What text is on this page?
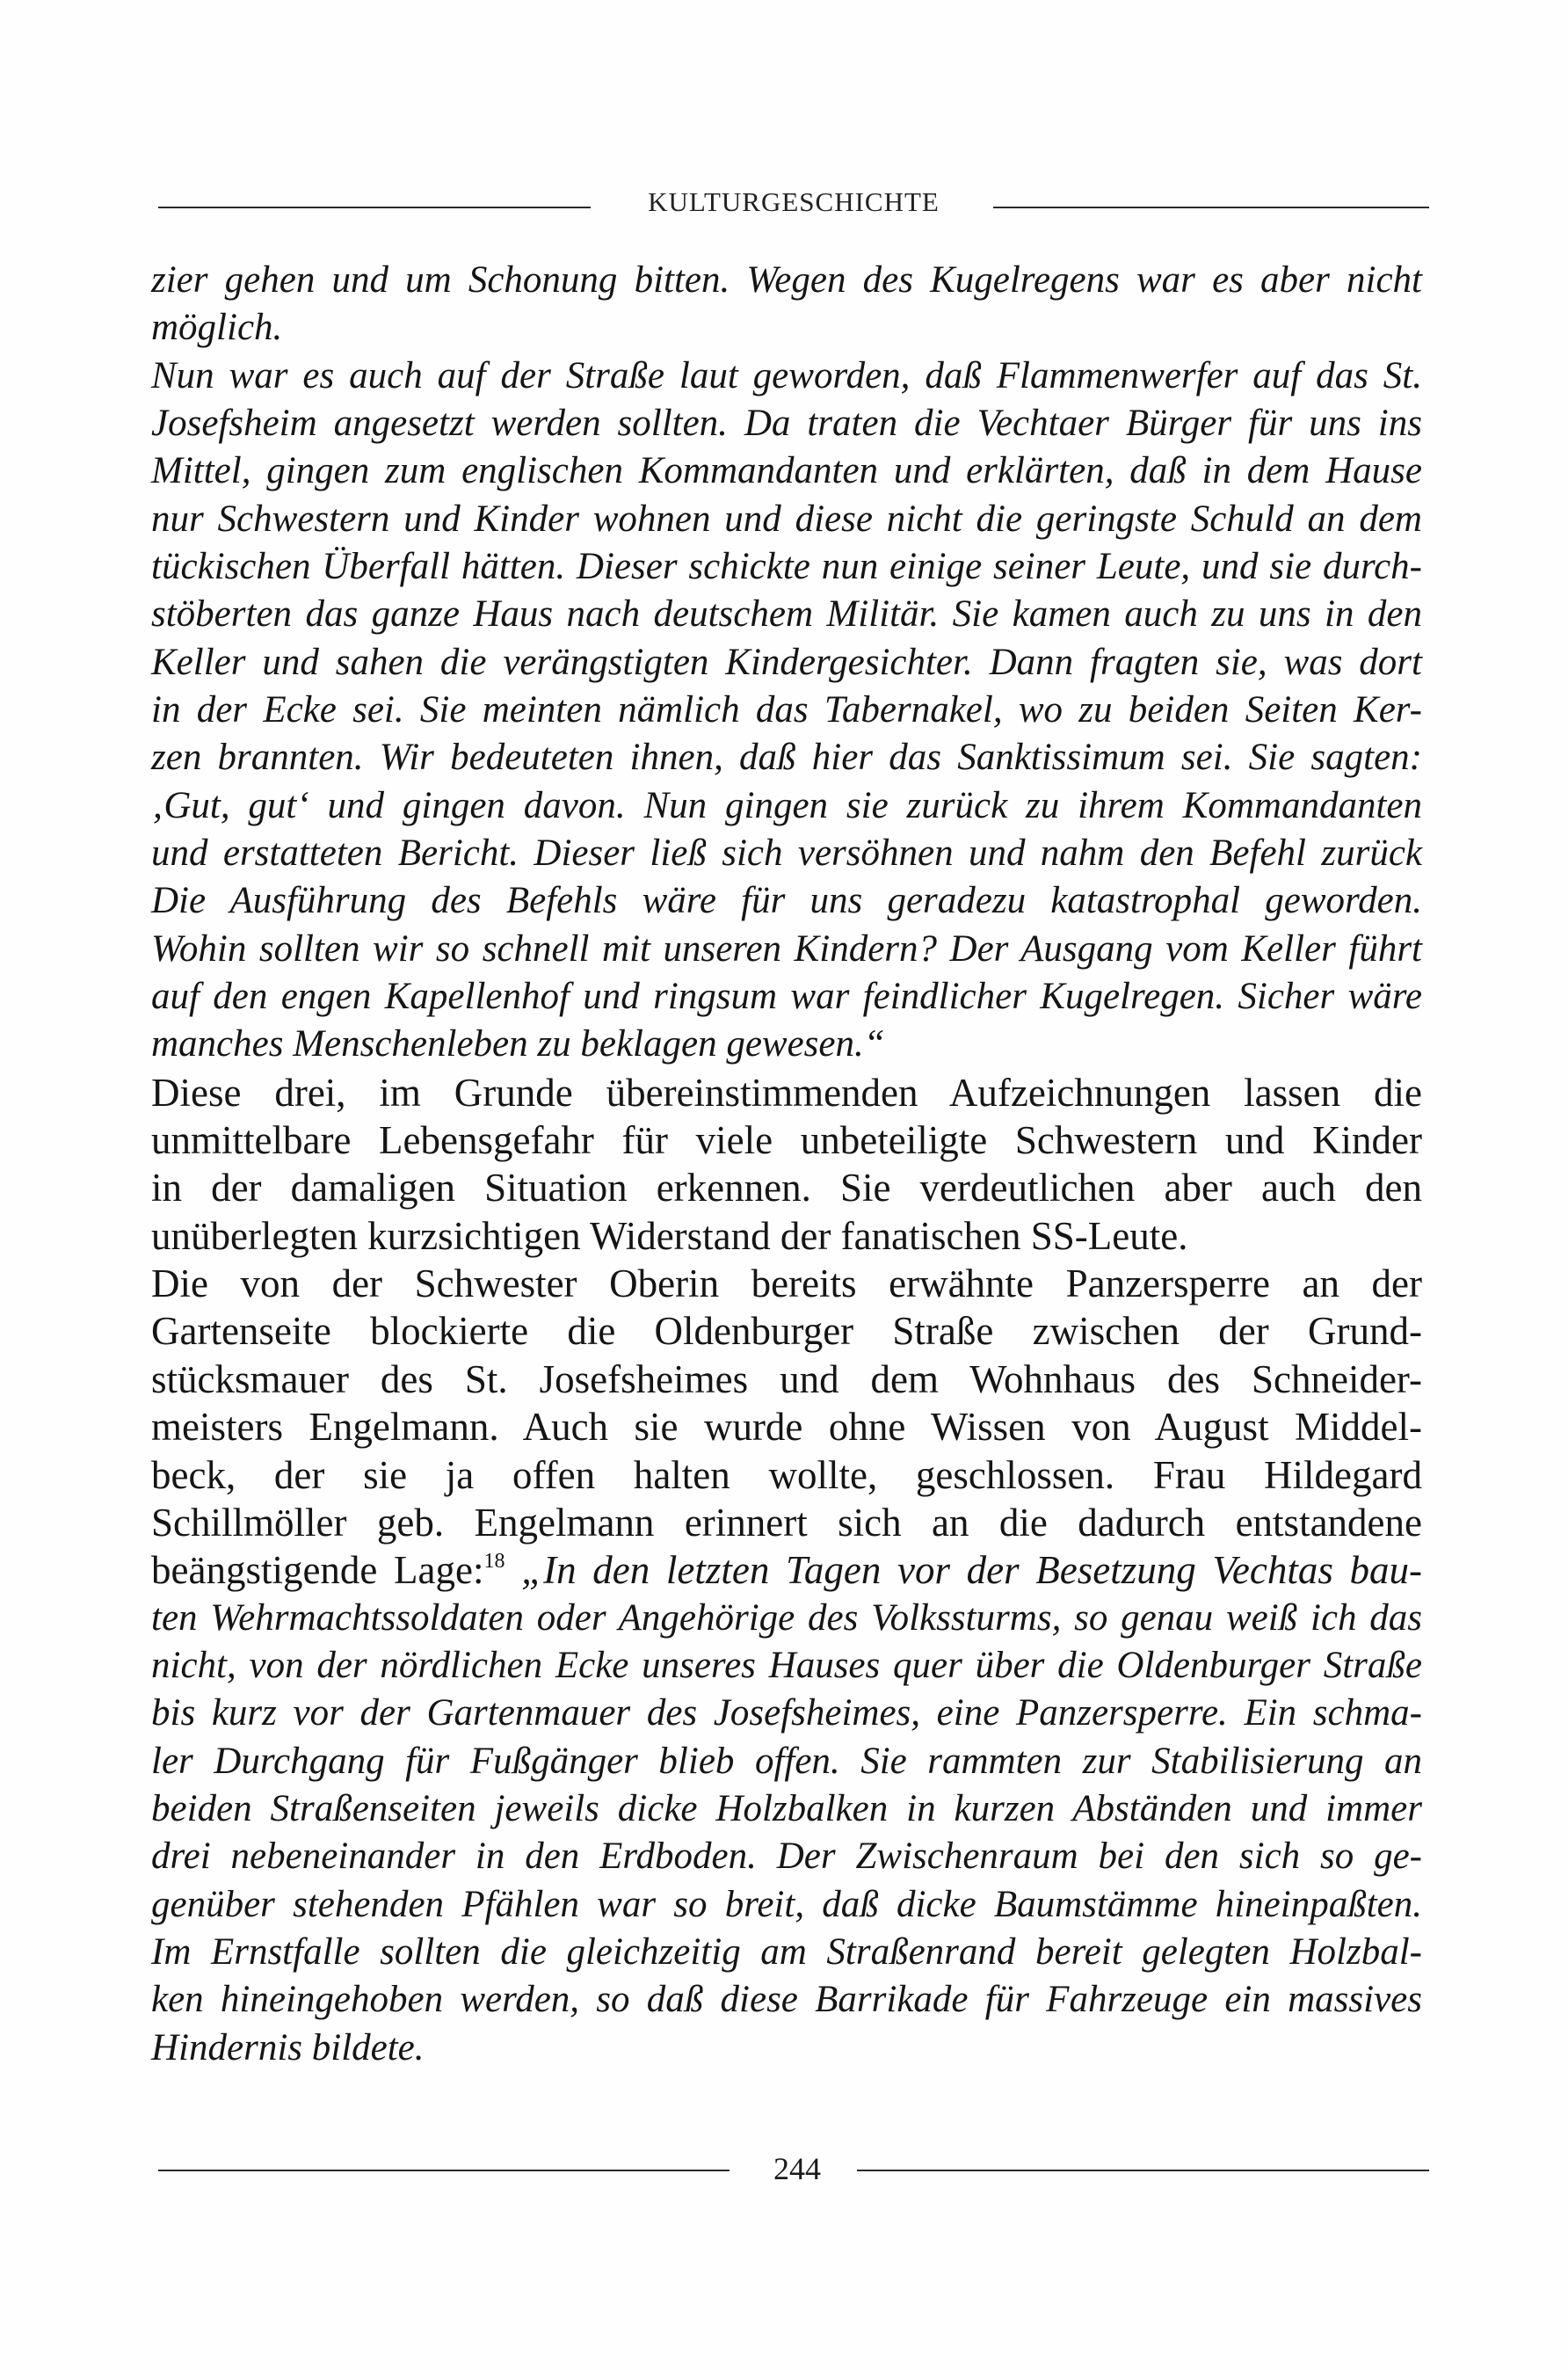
KULTURGESCHICHTE
zier gehen und um Schonung bitten. Wegen des Kugelregens war es aber nicht
möglich.
Nun war es auch auf der Straße laut geworden, daß Flammenwerfer auf das St.
Josefsheim angesetzt werden sollten. Da traten die Vechtaer Bürger für uns ins
Mittel, gingen zum englischen Kommandanten und erklärten, daß in dem Hause
nur Schwestern und Kinder wohnen und diese nicht die geringste Schuld an dem
tückischen Überfall hätten. Dieser schickte nun einige seiner Leute, und sie durch-
stöberten das ganze Haus nach deutschem Militär. Sie kamen auch zu uns in den
Keller und sahen die verängstigten Kindergesichter. Dann fragten sie, was dort
in der Ecke sei. Sie meinten nämlich das Tabernakel, wo zu beiden Seiten Ker-
zen brannten. Wir bedeuteten ihnen, daß hier das Sanktissimum sei. Sie sagten:
‚Gut, gut‘ und gingen davon. Nun gingen sie zurück zu ihrem Kommandanten
und erstatteten Bericht. Dieser ließ sich versöhnen und nahm den Befehl zurück
Die Ausführung des Befehls wäre für uns geradezu katastrophal geworden.
Wohin sollten wir so schnell mit unseren Kindern? Der Ausgang vom Keller führt
auf den engen Kapellenhof und ringsum war feindlicher Kugelregen. Sicher wäre
manches Menschenleben zu beklagen gewesen.“
Diese drei, im Grunde übereinstimmenden Aufzeichnungen lassen die
unmittelbare Lebensgefahr für viele unbeteiligte Schwestern und Kinder
in der damaligen Situation erkennen. Sie verdeutlichen aber auch den
unüberlegten kurzsichtigen Widerstand der fanatischen SS-Leute.
Die von der Schwester Oberin bereits erwähnte Panzersperre an der
Gartenseite blockierte die Oldenburger Straße zwischen der Grund-
stücksmauer des St. Josefsheimes und dem Wohnhaus des Schneider-
meisters Engelmann. Auch sie wurde ohne Wissen von August Middel-
beck, der sie ja offen halten wollte, geschlossen. Frau Hildegard
Schillmöller geb. Engelmann erinnert sich an die dadurch entstandene
beängstigende Lage:$^{18}$ „In den letzten Tagen vor der Besetzung Vechtas bau-
ten Wehrmachtssoldaten oder Angehörige des Volkssturms, so genau weiß ich das
nicht, von der nördlichen Ecke unseres Hauses quer über die Oldenburger Straße
bis kurz vor der Gartenmauer des Josefsheimes, eine Panzersperre. Ein schma-
ler Durchgang für Fußgänger blieb offen. Sie rammten zur Stabilisierung an
beiden Straßenseiten jeweils dicke Holzbalken in kurzen Abständen und immer
drei nebeneinander in den Erdboden. Der Zwischenraum bei den sich so ge-
genüber stehenden Pfählen war so breit, daß dicke Baumstämme hineinpaßten.
Im Ernstfalle sollten die gleichzeitig am Straßenrand bereit gelegten Holzbal-
ken hineingehoben werden, so daß diese Barrikade für Fahrzeuge ein massives
Hindernis bildete.
244
